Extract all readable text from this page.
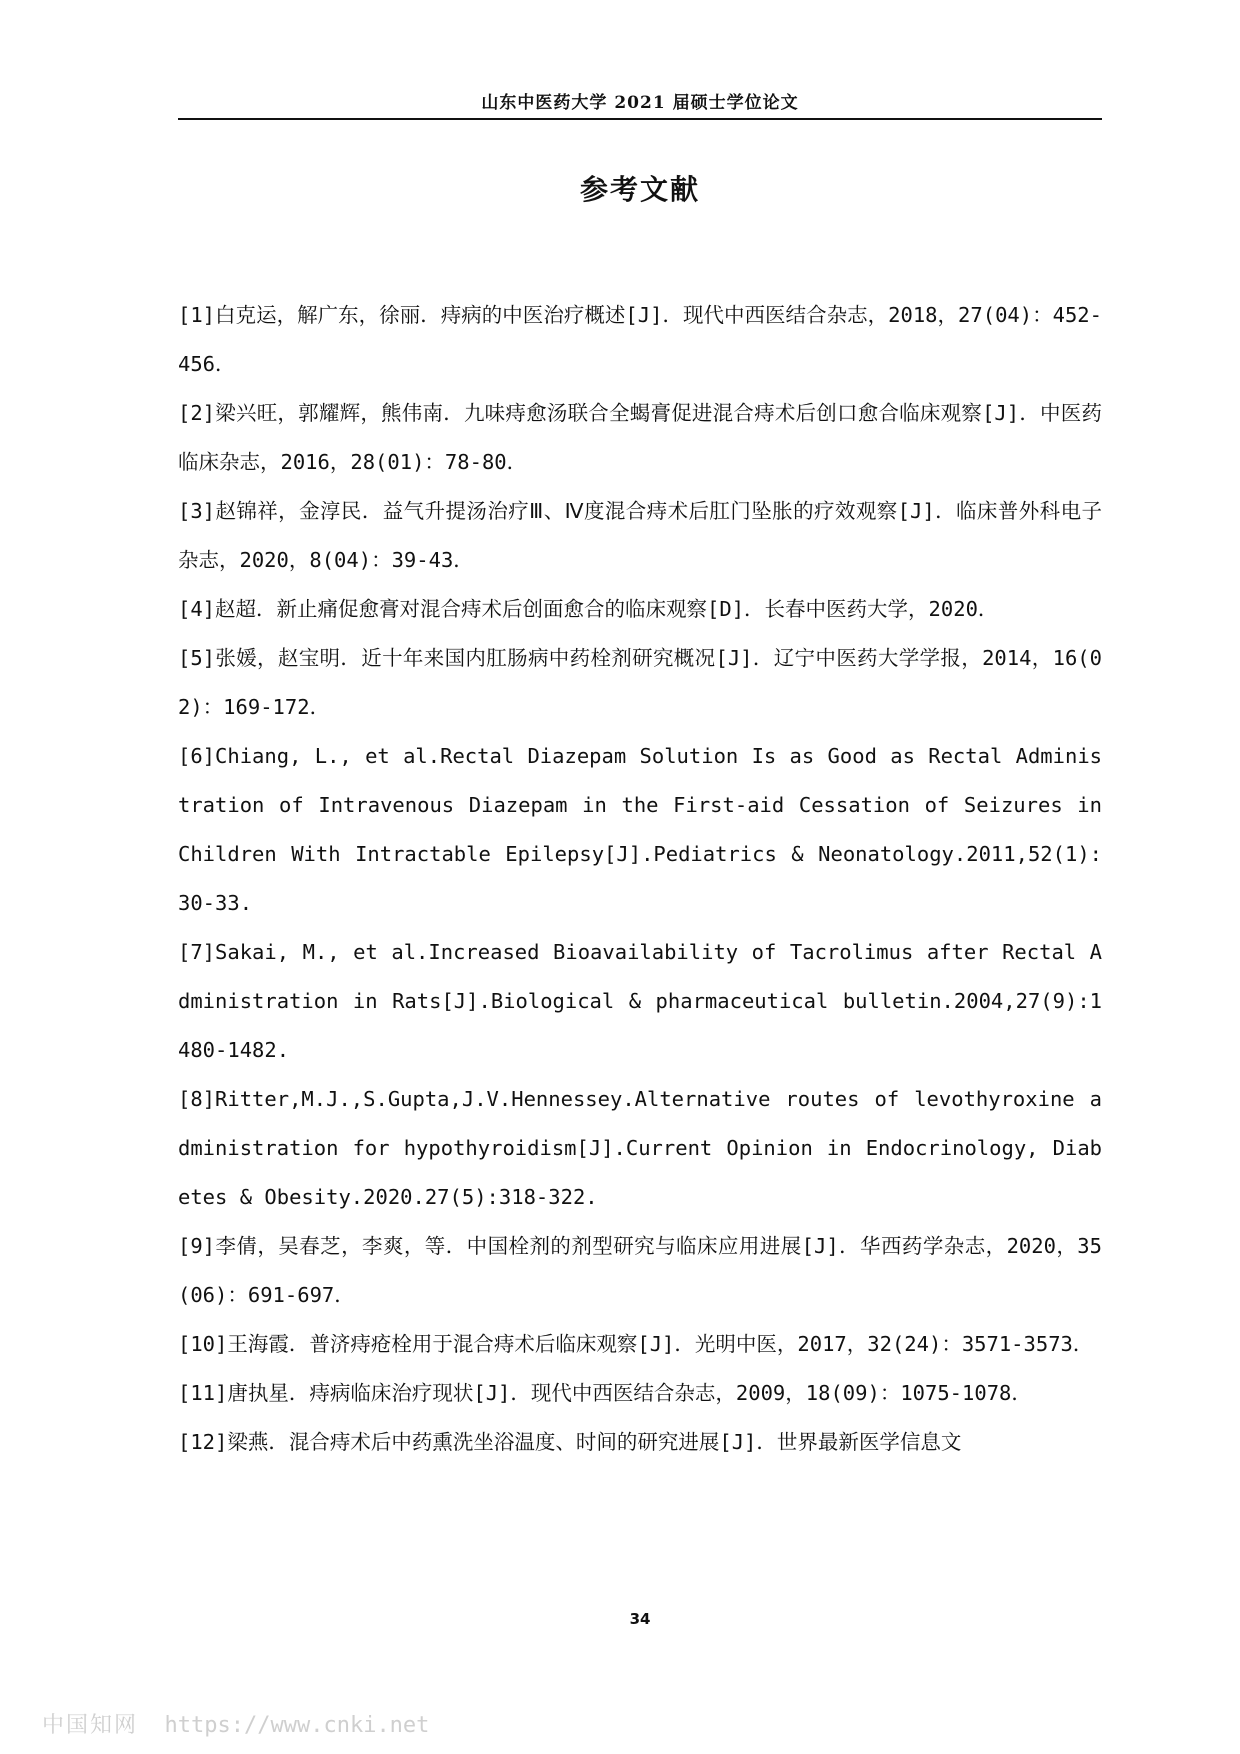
山东中医药大学 2021 届硕士学位论文
参考文献
[1]白克运，解广东，徐丽．痔病的中医治疗概述[J]．现代中西医结合杂志，2018，27(04)：452-456．
[2]梁兴旺，郭耀辉，熊伟南．九味痔愈汤联合全蝎膏促进混合痔术后创口愈合临床观察[J]．中医药临床杂志，2016，28(01)：78-80．
[3]赵锦祥，金淳民．益气升提汤治疗Ⅲ、Ⅳ度混合痔术后肛门坠胀的疗效观察[J]．临床普外科电子杂志，2020，8(04)：39-43．
[4]赵超．新止痛促愈膏对混合痔术后创面愈合的临床观察[D]．长春中医药大学，2020．
[5]张媛，赵宝明．近十年来国内肛肠病中药栓剂研究概况[J]．辽宁中医药大学学报，2014，16(02)：169-172．
[6]Chiang, L., et al.Rectal Diazepam Solution Is as Good as Rectal Administration of Intravenous Diazepam in the First-aid Cessation of Seizures in Children With Intractable Epilepsy[J].Pediatrics & Neonatology.2011,52(1):30-33.
[7]Sakai, M., et al.Increased Bioavailability of Tacrolimus after Rectal Administration in Rats[J].Biological & pharmaceutical bulletin.2004,27(9):1480-1482.
[8]Ritter,M.J.,S.Gupta,J.V.Hennessey.Alternative routes of levothyroxine administration for hypothyroidism[J].Current Opinion in Endocrinology, Diabetes & Obesity.2020.27(5):318-322.
[9]李倩，吴春芝，李爽，等．中国栓剂的剂型研究与临床应用进展[J]．华西药学杂志，2020，35(06)：691-697．
[10]王海霞．普济痔疮栓用于混合痔术后临床观察[J]．光明中医，2017，32(24)：3571-3573．
[11]唐执星．痔病临床治疗现状[J]．现代中西医结合杂志，2009，18(09)：1075-1078．
[12]梁燕．混合痔术后中药熏洗坐浴温度、时间的研究进展[J]．世界最新医学信息文
34
中国知网 https://www.cnki.net
